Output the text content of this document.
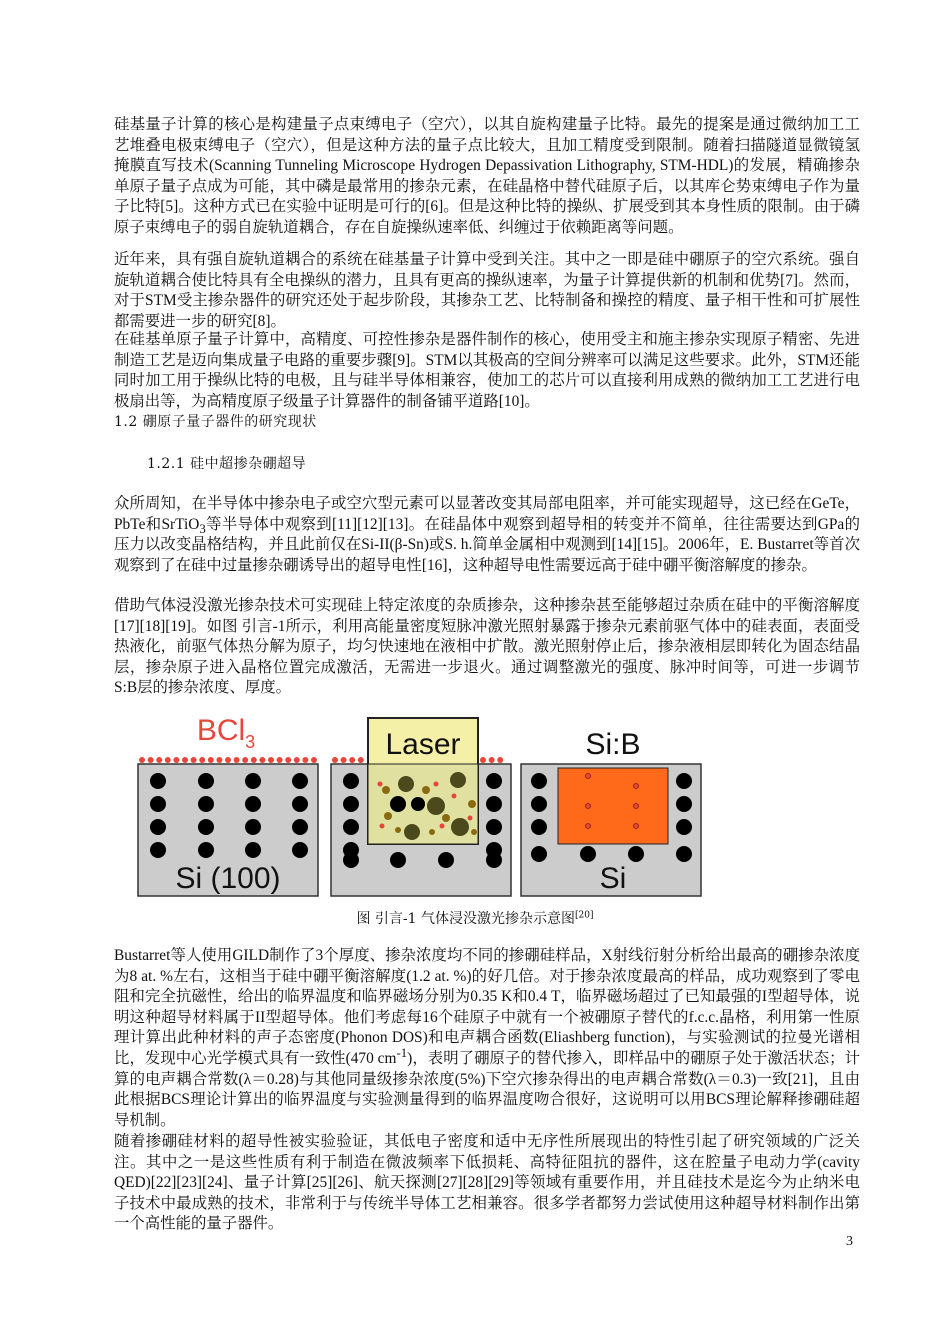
硅基量子计算的核心是构建量子点束缚电子（空穴），以其自旋构建量子比特。最先的提案是通过微纳加工工艺堆叠电极束缚电子（空穴），但是这种方法的量子点比较大，且加工精度受到限制。随着扫描隧道显微镜氢掩膜直写技术(Scanning Tunneling Microscope Hydrogen Depassivation Lithography, STM-HDL)的发展，精确掺杂单原子量子点成为可能，其中磷是最常用的掺杂元素，在硅晶格中替代硅原子后，以其库仑势束缚电子作为量子比特[5]。这种方式已在实验中证明是可行的[6]。但是这种比特的操纵、扩展受到其本身性质的限制。由于磷原子束缚电子的弱自旋轨道耦合，存在自旋操纵速率低、纠缠过于依赖距离等问题。

近年来，具有强自旋轨道耦合的系统在硅基量子计算中受到关注。其中之一即是硅中硼原子的空穴系统。强自旋轨道耦合使比特具有全电操纵的潜力，且具有更高的操纵速率，为量子计算提供新的机制和优势[7]。然而，对于STM受主掺杂器件的研究还处于起步阶段，其掺杂工艺、比特制备和操控的精度、量子相干性和可扩展性都需要进一步的研究[8]。

在硅基单原子量子计算中，高精度、可控性掺杂是器件制作的核心，使用受主和施主掺杂实现原子精密、先进制造工艺是迈向集成量子电路的重要步骤[9]。STM以其极高的空间分辨率可以满足这些要求。此外，STM还能同时加工用于操纵比特的电极，且与硅半导体相兼容，使加工的芯片可以直接利用成熟的微纳加工工艺进行电极扇出等，为高精度原子级量子计算器件的制备铺平道路[10]。

1.2 硼原子量子器件的研究现状

1.2.1 硅中超掺杂硼超导

众所周知，在半导体中掺杂电子或空穴型元素可以显著改变其局部电阻率，并可能实现超导，这已经在GeTe，PbTe和SrTiO$_3$等半导体中观察到[11][12][13]。在硅晶体中观察到超导相的转变并不简单，往往需要达到GPa的压力以改变晶格结构，并且此前仅在Si-II(β-Sn)或S. h.简单金属相中观测到[14][15]。2006年，E. Bustarret等首次观察到了在硅中过量掺杂硼诱导出的超导电性[16]，这种超导电性需要远高于硅中硼平衡溶解度的掺杂。

借助气体浸没激光掺杂技术可实现硅上特定浓度的杂质掺杂，这种掺杂甚至能够超过杂质在硅中的平衡溶解度[17][18][19]。如图 引言-1所示，利用高能量密度短脉冲激光照射暴露于掺杂元素前驱气体中的硅表面，表面受热液化，前驱气体热分解为原子，均匀快速地在液相中扩散。激光照射停止后，掺杂液相层即转化为固态结晶层，掺杂原子进入晶格位置完成激活，无需进一步退火。通过调整激光的强度、脉冲时间等，可进一步调节S:B层的掺杂浓度、厚度。

BCl$_3$
Si (100)
Laser	Si:B
Si

图 引言-1 气体浸没激光掺杂示意图[20]

Bustarret等人使用GILD制作了3个厚度、掺杂浓度均不同的掺硼硅样品，X射线衍射分析给出最高的硼掺杂浓度为8 at. %左右，这相当于硅中硼平衡溶解度(1.2 at. %)的好几倍。对于掺杂浓度最高的样品，成功观察到了零电阻和完全抗磁性，给出的临界温度和临界磁场分别为0.35 K和0.4 T，临界磁场超过了已知最强的I型超导体，说明这种超导材料属于II型超导体。他们考虑每16个硅原子中就有一个被硼原子替代的f.c.c.晶格，利用第一性原理计算出此种材料的声子态密度(Phonon DOS)和电声耦合函数(Eliashberg function)，与实验测试的拉曼光谱相比，发现中心光学模式具有一致性(470 $cm^{-1}$)，表明了硼原子的替代掺入，即样品中的硼原子处于激活状态；计算的电声耦合常数(λ＝0.28)与其他同量级掺杂浓度(5%)下空穴掺杂得出的电声耦合常数(λ＝0.3)一致[21]，且由此根据BCS理论计算出的临界温度与实验测量得到的临界温度吻合很好，这说明可以用BCS理论解释掺硼硅超导机制。

随着掺硼硅材料的超导性被实验验证，其低电子密度和适中无序性所展现出的特性引起了研究领域的广泛关注。其中之一是这些性质有利于制造在微波频率下低损耗、高特征阻抗的器件，这在腔量子电动力学(cavity QED)[22][23][24]、量子计算[25][26]、航天探测[27][28][29]等领域有重要作用，并且硅技术是迄今为止纳米电子技术中最成熟的技术，非常利于与传统半导体工艺相兼容。很多学者都努力尝试使用这种超导材料制作出第一个高性能的量子器件。

3
